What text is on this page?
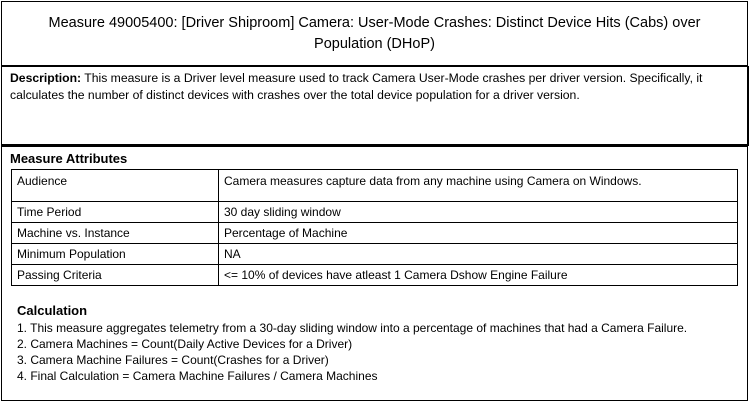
Measure 49005400: [Driver Shiproom] Camera: User-Mode Crashes: Distinct Device Hits (Cabs) over Population (DHoP)
Description: This measure is a Driver level measure used to track Camera User-Mode crashes per driver version. Specifically, it calculates the number of distinct devices with crashes over the total device population for a driver version.
Measure Attributes
Audience	Camera measures capture data from any machine using Camera on Windows.
Time Period	30 day sliding window
Machine vs. Instance	Percentage of Machine
Minimum Population	NA
Passing Criteria	<= 10% of devices have atleast 1 Camera Dshow Engine Failure
Calculation
1. This measure aggregates telemetry from a 30-day sliding window into a percentage of machines that had a Camera Failure.
2. Camera Machines = Count(Daily Active Devices for a Driver)
3. Camera Machine Failures = Count(Crashes for a Driver)
4. Final Calculation = Camera Machine Failures / Camera Machines
